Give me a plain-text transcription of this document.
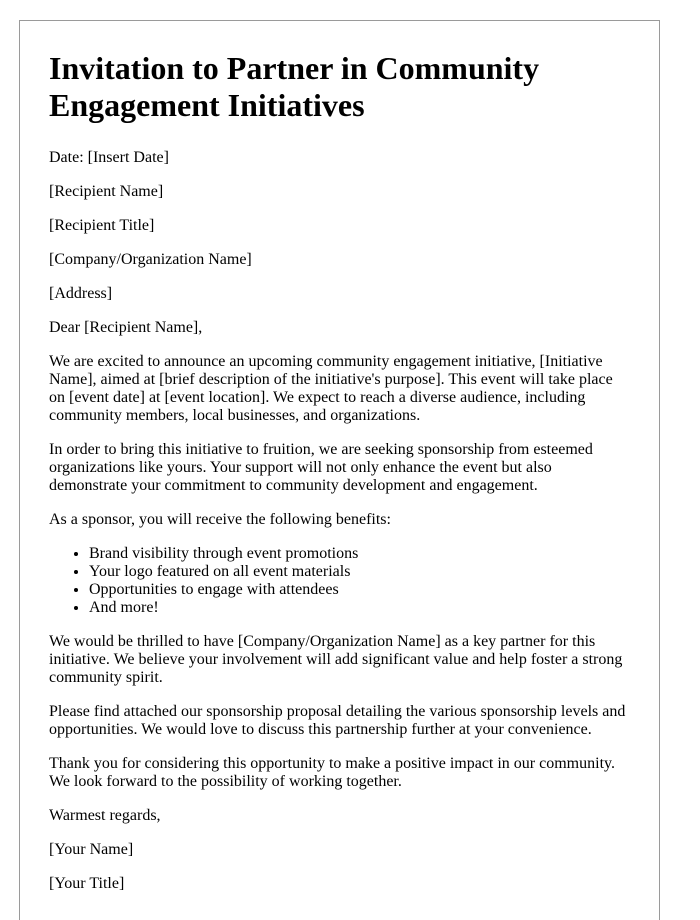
Invitation to Partner in Community Engagement Initiatives

Date: [Insert Date]

[Recipient Name]

[Recipient Title]

[Company/Organization Name]

[Address]

Dear [Recipient Name],

We are excited to announce an upcoming community engagement initiative, [Initiative Name], aimed at [brief description of the initiative's purpose]. This event will take place on [event date] at [event location]. We expect to reach a diverse audience, including community members, local businesses, and organizations.

In order to bring this initiative to fruition, we are seeking sponsorship from esteemed organizations like yours. Your support will not only enhance the event but also demonstrate your commitment to community development and engagement.

As a sponsor, you will receive the following benefits:

• Brand visibility through event promotions
• Your logo featured on all event materials
• Opportunities to engage with attendees
• And more!

We would be thrilled to have [Company/Organization Name] as a key partner for this initiative. We believe your involvement will add significant value and help foster a strong community spirit.

Please find attached our sponsorship proposal detailing the various sponsorship levels and opportunities. We would love to discuss this partnership further at your convenience.

Thank you for considering this opportunity to make a positive impact in our community. We look forward to the possibility of working together.

Warmest regards,

[Your Name]

[Your Title]
